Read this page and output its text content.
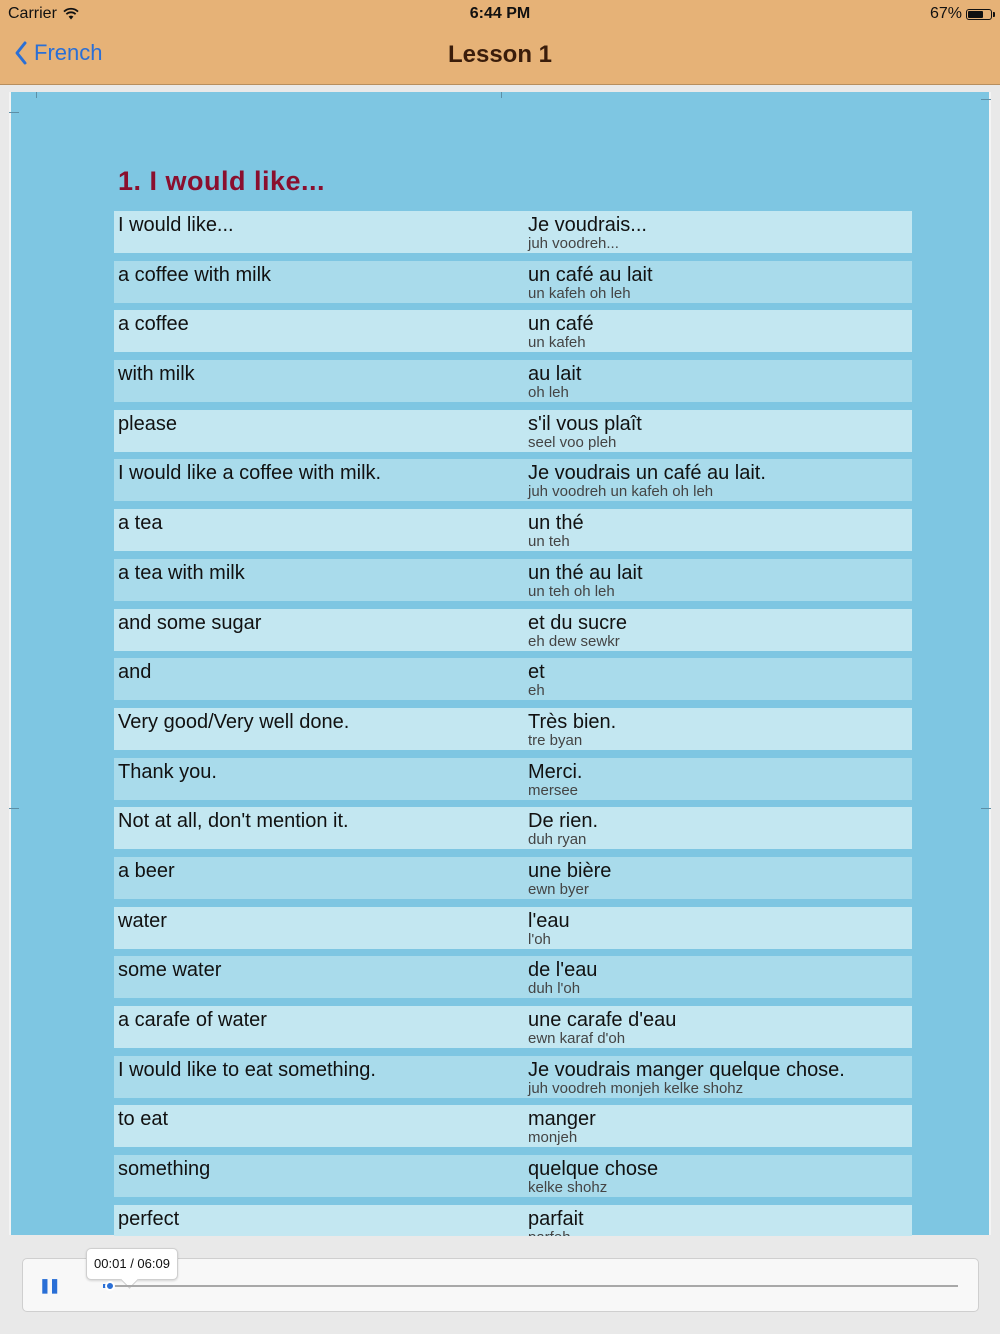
Carrier	6:44 PM	67%
French	Lesson 1
1. I would like...
I would like...	Je voudrais...
juh voodreh...
a coffee with milk	un café au lait
un kafeh oh leh
a coffee	un café
un kafeh
with milk	au lait
oh leh
please	s'il vous plaît
seel voo pleh
I would like a coffee with milk.	Je voudrais un café au lait.
juh voodreh un kafeh oh leh
a tea	un thé
un teh
a tea with milk	un thé au lait
un teh oh leh
and some sugar	et du sucre
eh dew sewkr
and	et
eh
Very good/Very well done.	Très bien.
tre byan
Thank you.	Merci.
mersee
Not at all, don't mention it.	De rien.
duh ryan
a beer	une bière
ewn byer
water	l'eau
l'oh
some water	de l'eau
duh l'oh
a carafe of water	une carafe d'eau
ewn karaf d'oh
I would like to eat something.	Je voudrais manger quelque chose.
juh voodreh monjeh kelke shohz
to eat	manger
monjeh
something	quelque chose
kelke shohz
perfect	parfait
00:01 / 06:09
❚❚
